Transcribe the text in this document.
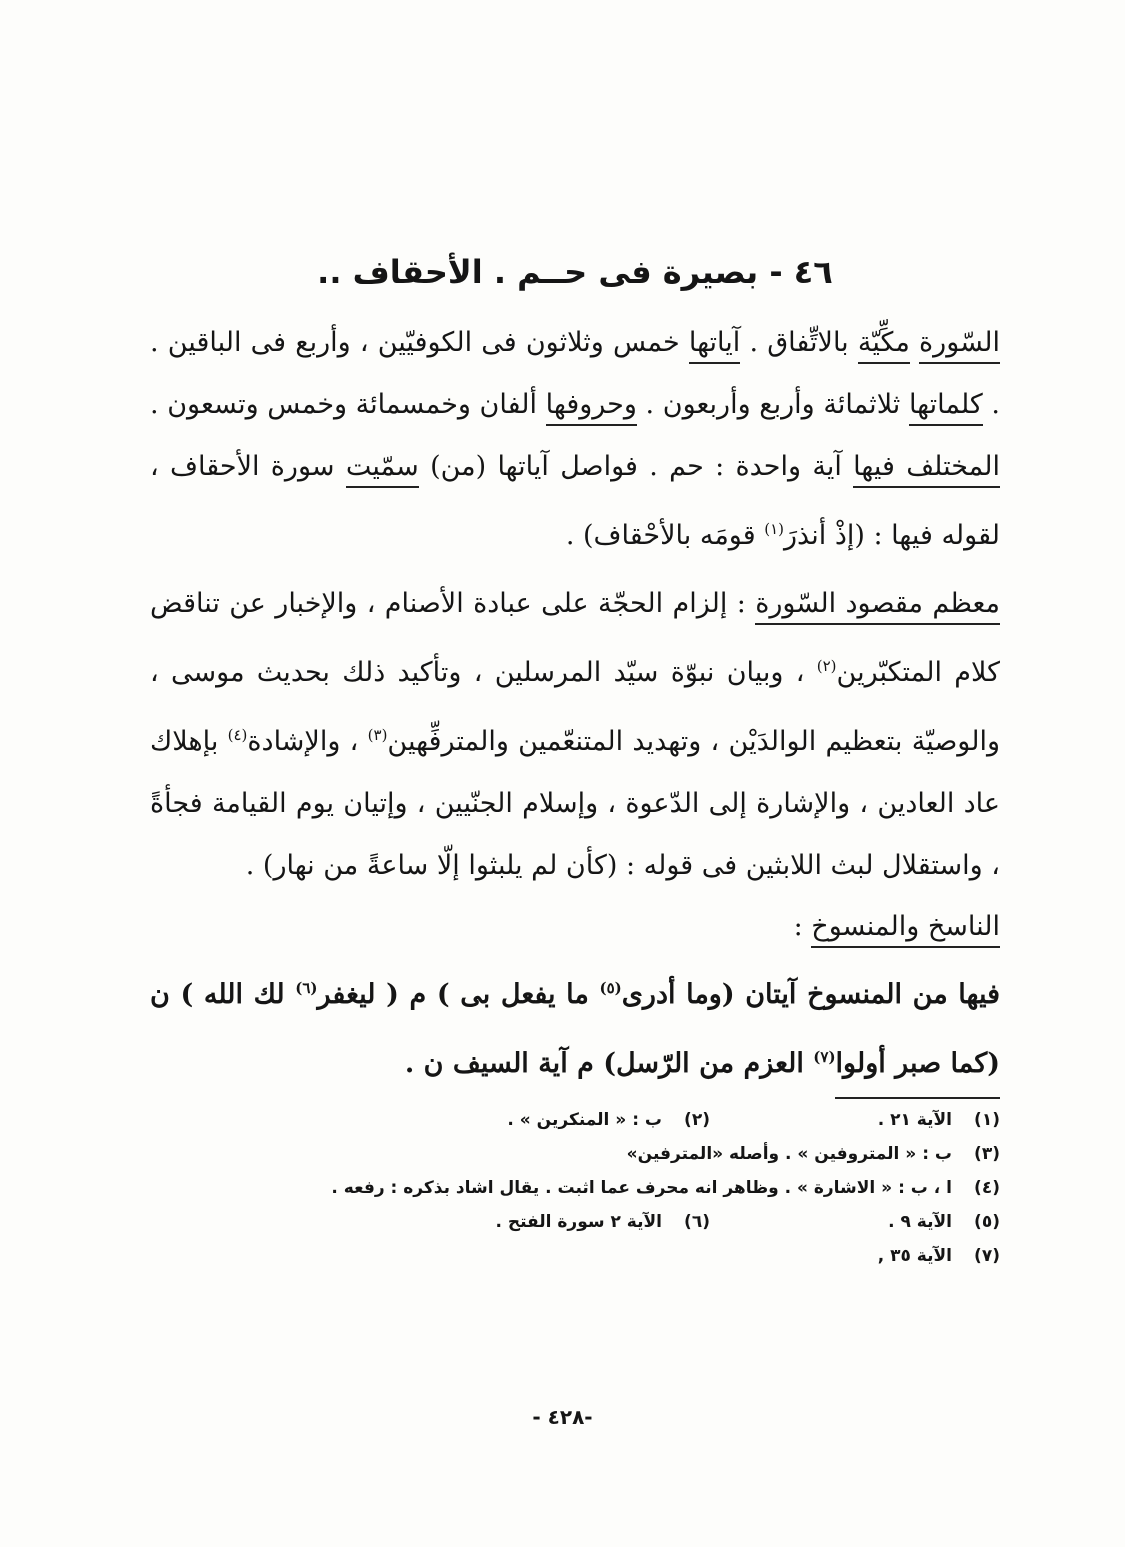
٤٦ - بصيرة فى حــم . الأحقاف ..

السّورة مكِّيّة بالاتِّفاق . آياتها خمس وثلاثون فى الكوفيّين ، وأربع فى الباقين . . كلماتها ثلاثمائة وأربع وأربعون . وحروفها ألفان وخمسمائة وخمس وتسعون . المختلف فيها آية واحدة : حم . فواصل آياتها (من) سمّيت سورة الأحقاف ، لقوله فيها : (إذْ أنذرَ$^{(١)}$ قومَه بالأحْقاف) .

معظم مقصود السّورة : إلزام الحجّة على عبادة الأصنام ، والإخبار عن تناقض كلام المتكبّرين$^{(٢)}$ ، وبيان نبوّة سيّد المرسلين ، وتأكيد ذلك بحديث موسى ، والوصيّة بتعظيم الوالدَيْن ، وتهديد المتنعّمين والمترفِّهين$^{(٣)}$ ، والإشادة$^{(٤)}$ بإهلاك عاد العادين ، والإشارة إلى الدّعوة ، وإسلام الجنّيين ، وإتيان يوم القيامة فجأةً ، واستقلال لبث اللابثين فى قوله : (كأن لم يلبثوا إلّا ساعةً من نهار) .

الناسخ والمنسوخ :

فيها من المنسوخ آيتان (وما أدرى$^{(٥)}$ ما يفعل بى ) م ( ليغفر$^{(٦)}$ لك الله ) ن (كما صبر أولوا$^{(٧)}$ العزم من الرّسل) م آية السيف ن .

(١)
الآية ٢١ .
(٢)
ب : « المنكرين » .
(٣)
ب : « المتروفين » . وأصله «المترفين»
(٤)
ا ، ب : « الاشارة » . وظاهر انه محرف عما اثبت . يقال اشاد بذكره : رفعه .
(٥)
الآية ٩ .
(٦)
الآية ٢ سورة الفتح .
(٧)
الآية ٣٥ ,
-٤٢٨ -
